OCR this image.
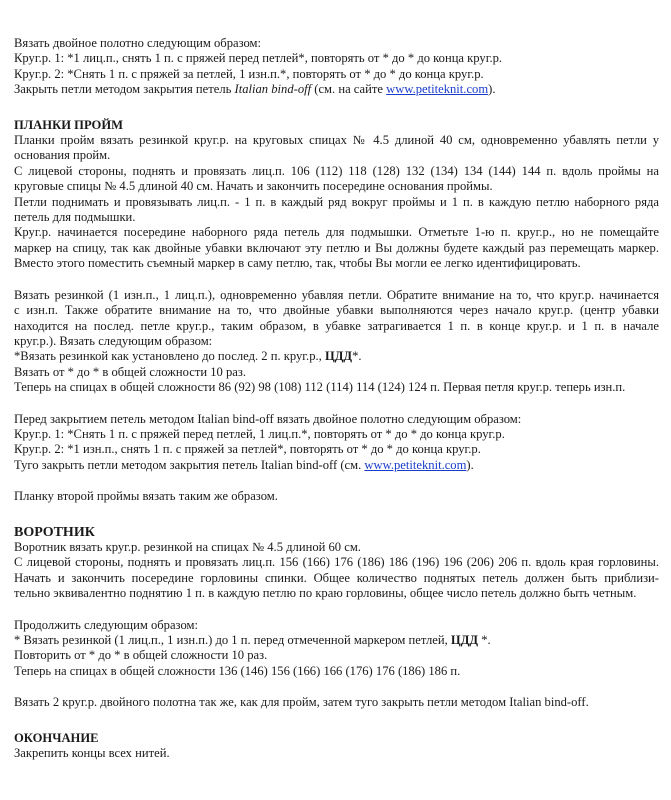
Вязать двойное полотно следующим образом:

Круг.р. 1: *1 лиц.п., снять 1 п. с пряжей перед петлей*, повторять от * до * до конца круг.р.

Круг.р. 2: *Снять 1 п. с пряжей за петлей, 1 изн.п.*, повторять от * до * до конца круг.р.

Закрыть петли методом закрытия петель Italian bind-off (см. на сайте www.petiteknit.com).

ПЛАНКИ ПРОЙМ

Планки пройм вязать резинкой круг.р. на круговых спицах № 4.5 длиной 40 см, одновременно убавлять петли у

основания пройм.

С лицевой стороны, поднять и провязать лиц.п. 106 (112) 118 (128) 132 (134) 134 (144) 144 п. вдоль проймы на

круговые спицы № 4.5 длиной 40 см. Начать и закончить посередине основания проймы.

Петли поднимать и провязывать лиц.п. - 1 п. в каждый ряд вокруг проймы и 1 п. в каждую петлю наборного ряда

петель для подмышки.

Круг.р. начинается посередине наборного ряда петель для подмышки. Отметьте 1-ю п. круг.р., но не помещайте

маркер на спицу, так как двойные убавки включают эту петлю и Вы должны будете каждый раз перемещать маркер.

Вместо этого поместить съемный маркер в саму петлю, так, чтобы Вы могли ее легко идентифицировать.

Вязать резинкой (1 изн.п., 1 лиц.п.), одновременно убавляя петли. Обратите внимание на то, что круг.р. начинается

с изн.п. Также обратите внимание на то, что двойные убавки выполняются через начало круг.р. (центр убавки

находится на послед. петле круг.р., таким образом, в убавке затрагивается 1 п. в конце круг.р. и 1 п. в начале

круг.р.). Вязать следующим образом:

*Вязать резинкой как установлено до послед. 2 п. круг.р., ЦДД*.

Вязать от * до * в общей сложности 10 раз.

Теперь на спицах в общей сложности 86 (92) 98 (108) 112 (114) 114 (124) 124 п. Первая петля круг.р. теперь изн.п.

Перед закрытием петель методом Italian bind-off вязать двойное полотно следующим образом:

Круг.р. 1: *Снять 1 п. с пряжей перед петлей, 1 лиц.п.*, повторять от * до * до конца круг.р.

Круг.р. 2: *1 изн.п., снять 1 п. с пряжей за петлей*, повторять от * до * до конца круг.р.

Туго закрыть петли методом закрытия петель Italian bind-off (см. www.petiteknit.com).

Планку второй проймы вязать таким же образом.

ВОРОТНИК

Воротник вязать круг.р. резинкой на спицах № 4.5 длиной 60 см.

С лицевой стороны, поднять и провязать лиц.п. 156 (166) 176 (186) 186 (196) 196 (206) 206 п. вдоль края горловины.

Начать и закончить посередине горловины спинки. Общее количество поднятых петель должен быть приблизи-

тельно эквивалентно поднятию 1 п. в каждую петлю по краю горловины, общее число петель должно быть четным.

Продолжить следующим образом:

* Вязать резинкой (1 лиц.п., 1 изн.п.) до 1 п. перед отмеченной маркером петлей, ЦДД *.

Повторить от * до * в общей сложности 10 раз.

Теперь на спицах в общей сложности 136 (146) 156 (166) 166 (176) 176 (186) 186 п.

Вязать 2 круг.р. двойного полотна так же, как для пройм, затем туго закрыть петли методом Italian bind-off.

ОКОНЧАНИЕ

Закрепить концы всех нитей.
